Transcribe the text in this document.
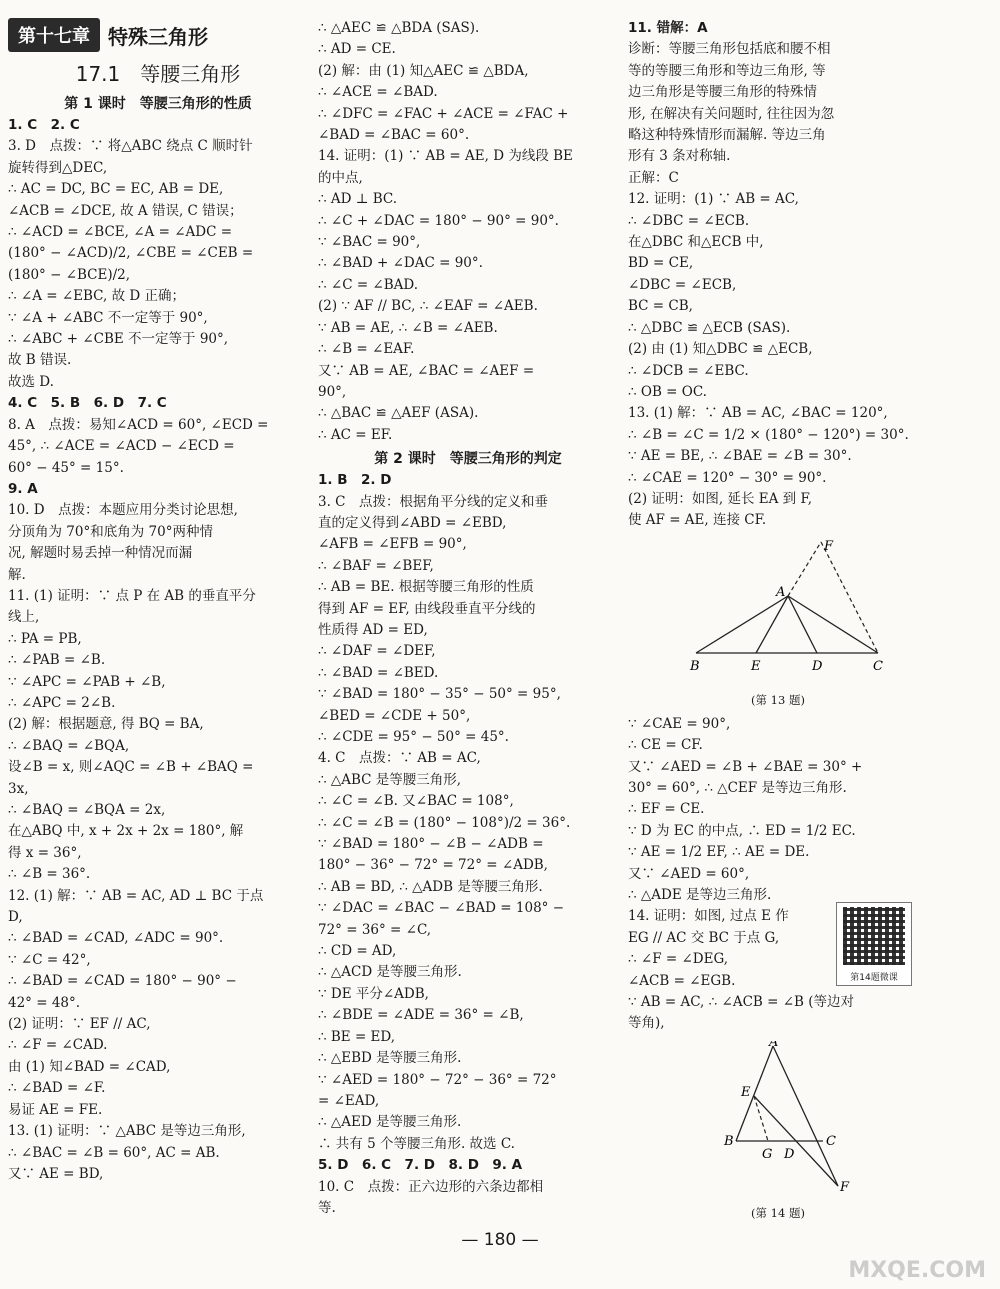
第十七章 特殊三角形
17.1　等腰三角形
第 1 课时　等腰三角形的性质
1. C　2. C
3. D　点拨：∵ 将△ABC 绕点 C 顺时针
旋转得到△DEC,
∴ AC = DC, BC = EC, AB = DE,
∠ACB = ∠DCE, 故 A 错误, C 错误；
∴ ∠ACD = ∠BCE, ∠A = ∠ADC =
(180° − ∠ACD)/2, ∠CBE = ∠CEB =
(180° − ∠BCE)/2,
∴ ∠A = ∠EBC, 故 D 正确；
∵ ∠A + ∠ABC 不一定等于 90°,
∴ ∠ABC + ∠CBE 不一定等于 90°,
故 B 错误.
故选 D.
4. C　5. B　6. D　7. C
8. A　点拨：易知∠ACD = 60°, ∠ECD =
45°, ∴ ∠ACE = ∠ACD − ∠ECD =
60° − 45° = 15°.
9. A
10. D　点拨：本题应用分类讨论思想,
分顶角为 70°和底角为 70°两种情
况, 解题时易丢掉一种情况而漏
解.
11. (1) 证明：∵ 点 P 在 AB 的垂直平分
线上,
∴ PA = PB,
∴ ∠PAB = ∠B.
∵ ∠APC = ∠PAB + ∠B,
∴ ∠APC = 2∠B.
(2) 解：根据题意, 得 BQ = BA,
∴ ∠BAQ = ∠BQA,
设∠B = x, 则∠AQC = ∠B + ∠BAQ =
3x,
∴ ∠BAQ = ∠BQA = 2x,
在△ABQ 中, x + 2x + 2x = 180°, 解
得 x = 36°,
∴ ∠B = 36°.
12. (1) 解：∵ AB = AC, AD ⊥ BC 于点
D,
∴ ∠BAD = ∠CAD, ∠ADC = 90°.
∵ ∠C = 42°,
∴ ∠BAD = ∠CAD = 180° − 90° −
42° = 48°.
(2) 证明：∵ EF // AC,
∴ ∠F = ∠CAD.
由 (1) 知∠BAD = ∠CAD,
∴ ∠BAD = ∠F.
易证 AE = FE.
13. (1) 证明：∵ △ABC 是等边三角形,
∴ ∠BAC = ∠B = 60°, AC = AB.
又∵ AE = BD,
∴ △AEC ≌ △BDA (SAS).
∴ AD = CE.
(2) 解：由 (1) 知△AEC ≌ △BDA,
∴ ∠ACE = ∠BAD.
∴ ∠DFC = ∠FAC + ∠ACE = ∠FAC +
∠BAD = ∠BAC = 60°.
14. 证明：(1) ∵ AB = AE, D 为线段 BE
的中点,
∴ AD ⊥ BC.
∴ ∠C + ∠DAC = 180° − 90° = 90°.
∵ ∠BAC = 90°,
∴ ∠BAD + ∠DAC = 90°.
∴ ∠C = ∠BAD.
(2) ∵ AF // BC, ∴ ∠EAF = ∠AEB.
∵ AB = AE, ∴ ∠B = ∠AEB.
∴ ∠B = ∠EAF.
又∵ AB = AE, ∠BAC = ∠AEF =
90°,
∴ △BAC ≌ △AEF (ASA).
∴ AC = EF.
第 2 课时　等腰三角形的判定
1. B　2. D
3. C　点拨：根据角平分线的定义和垂
直的定义得到∠ABD = ∠EBD,
∠AFB = ∠EFB = 90°,
∴ ∠BAF = ∠BEF,
∴ AB = BE. 根据等腰三角形的性质
得到 AF = EF, 由线段垂直平分线的
性质得 AD = ED,
∴ ∠DAF = ∠DEF,
∴ ∠BAD = ∠BED.
∵ ∠BAD = 180° − 35° − 50° = 95°,
∠BED = ∠CDE + 50°,
∴ ∠CDE = 95° − 50° = 45°.
4. C　点拨：∵ AB = AC,
∴ △ABC 是等腰三角形,
∴ ∠C = ∠B. 又∠BAC = 108°,
∴ ∠C = ∠B = (180° − 108°)/2 = 36°.
∵ ∠BAD = 180° − ∠B − ∠ADB =
180° − 36° − 72° = 72° = ∠ADB,
∴ AB = BD, ∴ △ADB 是等腰三角形.
∵ ∠DAC = ∠BAC − ∠BAD = 108° −
72° = 36° = ∠C,
∴ CD = AD,
∴ △ACD 是等腰三角形.
∵ DE 平分∠ADB,
∴ ∠BDE = ∠ADE = 36° = ∠B,
∴ BE = ED,
∴ △EBD 是等腰三角形.
∵ ∠AED = 180° − 72° − 36° = 72°
= ∠EAD,
∴ △AED 是等腰三角形.
∴ 共有 5 个等腰三角形. 故选 C.
5. D　6. C　7. D　8. D　9. A
10. C　点拨：正六边形的六条边都相
等.
11. 错解：A
诊断：等腰三角形包括底和腰不相
等的等腰三角形和等边三角形, 等
边三角形是等腰三角形的特殊情
形, 在解决有关问题时, 往往因为忽
略这种特殊情形而漏解. 等边三角
形有 3 条对称轴.
正解：C
12. 证明：(1) ∵ AB = AC,
∴ ∠DBC = ∠ECB.
在△DBC 和△ECB 中,
BD = CE,
∠DBC = ∠ECB,
BC = CB,
∴ △DBC ≌ △ECB (SAS).
(2) 由 (1) 知△DBC ≌ △ECB,
∴ ∠DCB = ∠EBC.
∴ OB = OC.
13. (1) 解：∵ AB = AC, ∠BAC = 120°,
∴ ∠B = ∠C = 1/2 × (180° − 120°) = 30°.
∵ AE = BE, ∴ ∠BAE = ∠B = 30°.
∴ ∠CAE = 120° − 30° = 90°.
(2) 证明：如图, 延长 EA 到 F,
使 AF = AE, 连接 CF.
F
A
B	E	D	C
(第 13 题)
∵ ∠CAE = 90°,
∴ CE = CF.
又∵ ∠AED = ∠B + ∠BAE = 30° +
30° = 60°, ∴ △CEF 是等边三角形.
∴ EF = CE.
∵ D 为 EC 的中点, ∴ ED = 1/2 EC.
∵ AE = 1/2 EF, ∴ AE = DE.
又∵ ∠AED = 60°,
∴ △ADE 是等边三角形.
14. 证明：如图, 过点 E 作
EG // AC 交 BC 于点 G,
∴ ∠F = ∠DEG,
∠ACB = ∠EGB.
∵ AB = AC, ∴ ∠ACB = ∠B (等边对
等角),
A
E
B
G D
C
F
(第 14 题)
第14题微课
— 180 —
MXQE.COM
